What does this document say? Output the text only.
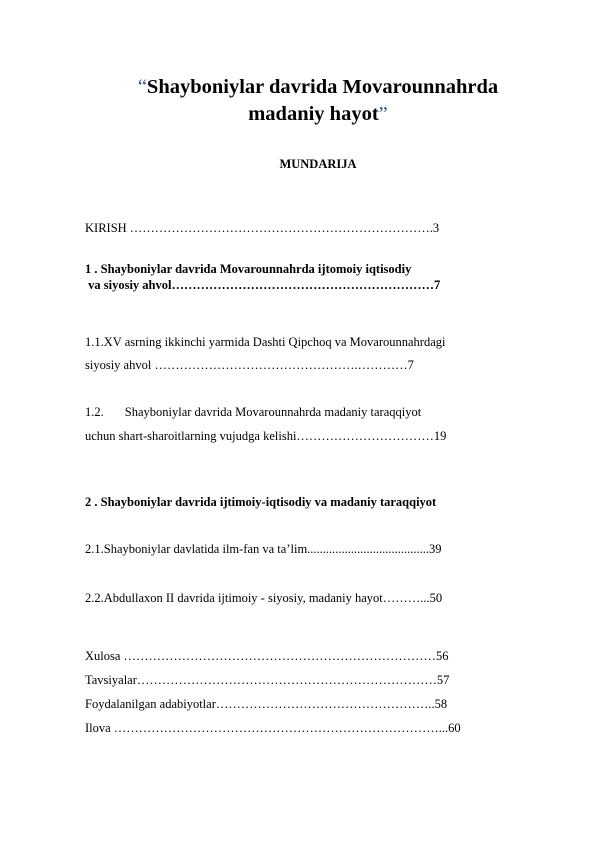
“Shayboniylar davrida Movarounnahrda
madaniy hayot”

MUNDARIJA

KIRISH ……………………………………………………………….3
1 . Shayboniylar davrida Movarounnahrda ijtomoiy iqtisodiy
va siyosiy ahvol………………………………………………………7
1.1.XV asrning ikkinchi yarmida Dashti Qipchoq va Movarounnahrdagi
siyosiy ahvol ………………………………………….…………7
1.2. Shayboniylar davrida Movarounnahrda madaniy taraqqiyot
uchun shart-sharoitlarning vujudga kelishi……………………………19
2 . Shayboniylar davrida ijtimoiy-iqtisodiy va madaniy taraqqiyot
2.1.Shayboniylar davlatida ilm-fan va ta’lim.......................................39
2.2.Abdullaxon II davrida ijtimoiy - siyosiy, madaniy hayot………...50
Xulosa …………………………………………………………………56
Tavsiyalar………………………………………………………………57
Foydalanilgan adabiyotlar……………………………………………..58
Ilova ……………………………………………………………………...60
